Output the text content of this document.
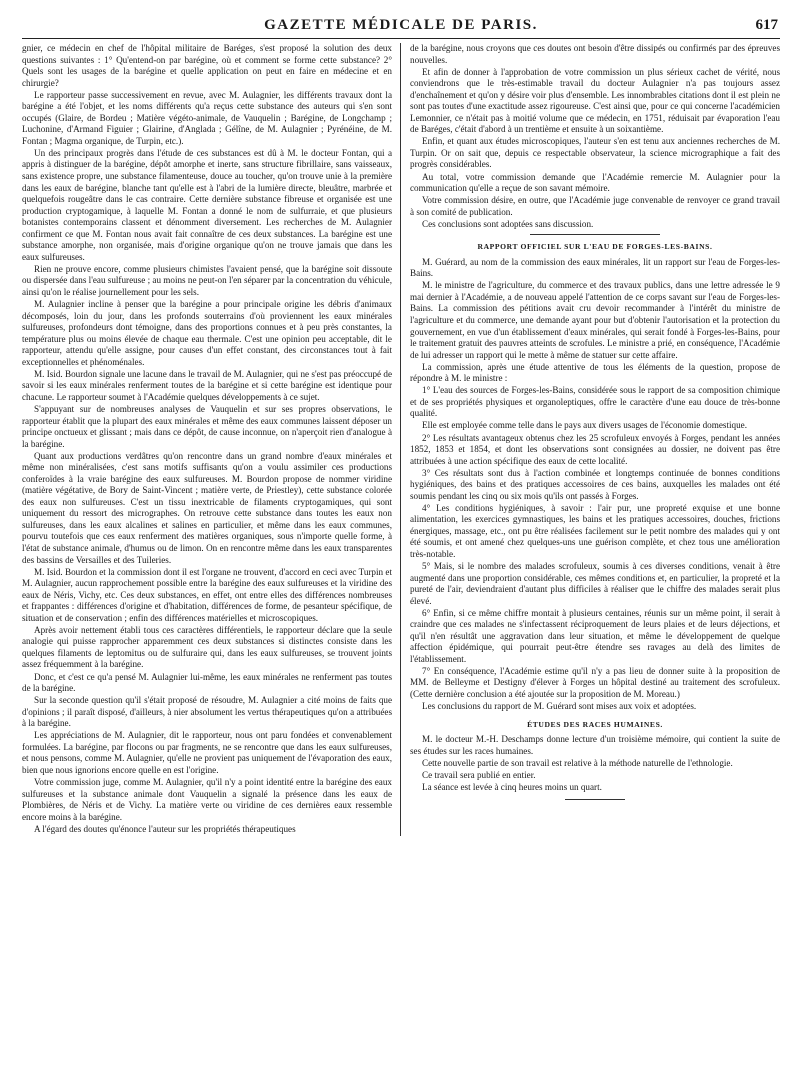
GAZETTE MÉDICALE DE PARIS.	617

gnier, ce médecin en chef de l'hôpital militaire de Baréges, s'est proposé la solution des deux questions suivantes : 1° Qu'entend-on par barégine, où et comment se forme cette substance? 2° Quels sont les usages de la barégine et quelle application on peut en faire en médecine et en chirurgie?

Le rapporteur passe successivement en revue, avec M. Aulagnier, les différents travaux dont la barégine a été l'objet, et les noms différents qu'a reçus cette substance des auteurs qui s'en sont occupés (Glaire, de Bordeu ; Matière végéto-animale, de Vauquelin ; Barégine, de Longchamp ; Luchonine, d'Armand Figuier ; Glairine, d'Anglada ; Gélîne, de M. Aulagnier ; Pyrénéine, de M. Fontan ; Magma organique, de Turpin, etc.).

Un des principaux progrès dans l'étude de ces substances est dû à M. le docteur Fontan, qui a appris à distinguer de la barégine, dépôt amorphe et inerte, sans structure fibrillaire, sans vaisseaux, sans existence propre, une substance filamenteuse, douce au toucher, qu'on trouve unie à la première dans les eaux de barégine, blanche tant qu'elle est à l'abri de la lumière directe, bleuâtre, marbrée et quelquefois rougeâtre dans le cas contraire. Cette dernière substance fibreuse et organisée est une production cryptogamique, à laquelle M. Fontan a donné le nom de sulfurraie, et que plusieurs botanistes contemporains classent et dénomment diversement. Les recherches de M. Aulagnier confirment ce que M. Fontan nous avait fait connaître de ces deux substances. La barégine est une substance amorphe, non organisée, mais d'origine organique qu'on ne trouve jamais que dans les eaux sulfureuses.

Rien ne prouve encore, comme plusieurs chimistes l'avaient pensé, que la barégine soit dissoute ou dispersée dans l'eau sulfureuse ; au moins ne peut-on l'en séparer par la concentration du véhicule, ainsi qu'on le réalise journellement pour les sels.

M. Aulagnier incline à penser que la barégine a pour principale origine les débris d'animaux décomposés, loin du jour, dans les profonds souterrains d'où proviennent les eaux minérales sulfureuses, profondeurs dont témoigne, dans des proportions connues et à peu près constantes, la température plus ou moins élevée de chaque eau thermale. C'est une opinion peu acceptable, dit le rapporteur, attendu qu'elle assigne, pour causes d'un effet constant, des circonstances tout à fait exceptionnelles et phénoménales.

M. Isid. Bourdon signale une lacune dans le travail de M. Aulagnier, qui ne s'est pas préoccupé de savoir si les eaux minérales renferment toutes de la barégine et si cette barégine est identique pour chacune. Le rapporteur soumet à l'Académie quelques développements à ce sujet.

S'appuyant sur de nombreuses analyses de Vauquelin et sur ses propres observations, le rapporteur établit que la plupart des eaux minérales et même des eaux communes laissent déposer un principe onctueux et glissant ; mais dans ce dépôt, de cause inconnue, on n'aperçoit rien d'analogue à la barégine.

Quant aux productions verdâtres qu'on rencontre dans un grand nombre d'eaux minérales et même non minéralisées, c'est sans motifs suffisants qu'on a voulu assimiler ces productions conferoïdes à la vraie barégine des eaux sulfureuses. M. Bourdon propose de nommer viridine (matière végétative, de Bory de Saint-Vincent ; matière verte, de Priestley), cette substance colorée des eaux non sulfureuses. C'est un tissu inextricable de filaments cryptogamiques, qui sont uniquement du ressort des micrographes. On retrouve cette substance dans toutes les eaux non sulfureuses, dans les eaux alcalines et salines en particulier, et même dans les eaux communes, pourvu toutefois que ces eaux renferment des matières organiques, sous n'importe quelle forme, à l'état de substance animale, d'humus ou de limon. On en rencontre même dans les eaux transparentes des bassins de Versailles et des Tuileries.

M. Isid. Bourdon et la commission dont il est l'organe ne trouvent, d'accord en ceci avec Turpin et M. Aulagnier, aucun rapprochement possible entre la barégine des eaux sulfureuses et la viridine des eaux de Néris, Vichy, etc. Ces deux substances, en effet, ont entre elles des différences nombreuses et frappantes : différences d'origine et d'habitation, différences de forme, de pesanteur spécifique, de situation et de conservation ; enfin des différences matérielles et microscopiques.

Après avoir nettement établi tous ces caractères différentiels, le rapporteur déclare que la seule analogie qui puisse rapprocher apparemment ces deux substances si distinctes consiste dans les quelques filaments de leptomitus ou de sulfuraire qui, dans les eaux sulfureuses, se trouvent joints assez fréquemment à la barégine.

Donc, et c'est ce qu'a pensé M. Aulagnier lui-même, les eaux minérales ne renferment pas toutes de la barégine.

Sur la seconde question qu'il s'était proposé de résoudre, M. Aulagnier a cité moins de faits que d'opinions ; il paraît disposé, d'ailleurs, à nier absolument les vertus thérapeutiques qu'on a attribuées à la barégine.

Les appréciations de M. Aulagnier, dit le rapporteur, nous ont paru fondées et convenablement formulées. La barégine, par flocons ou par fragments, ne se rencontre que dans les eaux sulfureuses, et nous pensons, comme M. Aulagnier, qu'elle ne provient pas uniquement de l'évaporation des eaux, bien que nous ignorions encore quelle en est l'origine.

Votre commission juge, comme M. Aulagnier, qu'il n'y a point identité entre la barégine des eaux sulfureuses et la substance animale dont Vauquelin a signalé la présence dans les eaux de Plombières, de Néris et de Vichy. La matière verte ou viridine de ces dernières eaux ressemble encore moins à la barégine.

A l'égard des doutes qu'énonce l'auteur sur les propriétés thérapeutiques

de la barégine, nous croyons que ces doutes ont besoin d'être dissipés ou confirmés par des épreuves nouvelles.

Et afin de donner à l'approbation de votre commission un plus sérieux cachet de vérité, nous conviendrons que le très-estimable travail du docteur Aulagnier n'a pas toujours assez d'enchaînement et qu'on y désire voir plus d'ensemble. Les innombrables citations dont il est plein ne sont pas toutes d'une exactitude assez rigoureuse. C'est ainsi que, pour ce qui concerne l'académicien Lemonnier, ce n'était pas à moitié volume que ce médecin, en 1751, réduisait par évaporation l'eau de Baréges, c'était d'abord à un trentième et ensuite à un soixantième.

Enfin, et quant aux études microscopiques, l'auteur s'en est tenu aux anciennes recherches de M. Turpin. Or on sait que, depuis ce respectable observateur, la science micrographique a fait des progrès considérables.

Au total, votre commission demande que l'Académie remercie M. Aulagnier pour la communication qu'elle a reçue de son savant mémoire.

Votre commission désire, en outre, que l'Académie juge convenable de renvoyer ce grand travail à son comité de publication.

Ces conclusions sont adoptées sans discussion.

RAPPORT OFFICIEL SUR L'EAU DE FORGES-LES-BAINS.

M. Guérard, au nom de la commission des eaux minérales, lit un rapport sur l'eau de Forges-les-Bains.

M. le ministre de l'agriculture, du commerce et des travaux publics, dans une lettre adressée le 9 mai dernier à l'Académie, a de nouveau appelé l'attention de ce corps savant sur l'eau de Forges-les-Bains. La commission des pétitions avait cru devoir recommander à l'intérêt du ministre de l'agriculture et du commerce, une demande ayant pour but d'obtenir l'autorisation et la protection du gouvernement, en vue d'un établissement d'eaux minérales, qui serait fondé à Forges-les-Bains, pour le traitement gratuit des pauvres atteints de scrofules. Le ministre a prié, en conséquence, l'Académie de lui adresser un rapport qui le mette à même de statuer sur cette affaire.

La commission, après une étude attentive de tous les éléments de la question, propose de répondre à M. le ministre :

1° L'eau des sources de Forges-les-Bains, considérée sous le rapport de sa composition chimique et de ses propriétés physiques et organoleptiques, offre le caractère d'une eau douce de très-bonne qualité.

Elle est employée comme telle dans le pays aux divers usages de l'économie domestique.

2° Les résultats avantageux obtenus chez les 25 scrofuleux envoyés à Forges, pendant les années 1852, 1853 et 1854, et dont les observations sont consignées au dossier, ne doivent pas être attribuées à une action spécifique des eaux de cette localité.

3° Ces résultats sont dus à l'action combinée et longtemps continuée de bonnes conditions hygiéniques, des bains et des pratiques accessoires de ces bains, auxquelles les malades ont été soumis pendant les cinq ou six mois qu'ils ont passés à Forges.

4° Les conditions hygiéniques, à savoir : l'air pur, une propreté exquise et une bonne alimentation, les exercices gymnastiques, les bains et les pratiques accessoires, douches, frictions énergiques, massage, etc., ont pu être réalisées facilement sur le petit nombre des malades qui y ont été soumis, et ont amené chez quelques-uns une guérison complète, et chez tous une amélioration très-notable.

5° Mais, si le nombre des malades scrofuleux, soumis à ces diverses conditions, venait à être augmenté dans une proportion considérable, ces mêmes conditions et, en particulier, la propreté et la pureté de l'air, deviendraient d'autant plus difficiles à réaliser que le chiffre des malades serait plus élevé.

6° Enfin, si ce même chiffre montait à plusieurs centaines, réunis sur un même point, il serait à craindre que ces malades ne s'infectassent réciproquement de leurs plaies et de leurs déjections, et qu'il n'en résultât une aggravation dans leur situation, et même le développement de quelque affection épidémique, qui pourrait peut-être étendre ses ravages au delà des limites de l'établissement.

7° En conséquence, l'Académie estime qu'il n'y a pas lieu de donner suite à la proposition de MM. de Belleyme et Destigny d'élever à Forges un hôpital destiné au traitement des scrofuleux. (Cette dernière conclusion a été ajoutée sur la proposition de M. Moreau.)

Les conclusions du rapport de M. Guérard sont mises aux voix et adoptées.

ÉTUDES DES RACES HUMAINES.

M. le docteur M.-H. Deschamps donne lecture d'un troisième mémoire, qui contient la suite de ses études sur les races humaines.

Cette nouvelle partie de son travail est relative à la méthode naturelle de l'ethnologie.

Ce travail sera publié en entier.

La séance est levée à cinq heures moins un quart.
